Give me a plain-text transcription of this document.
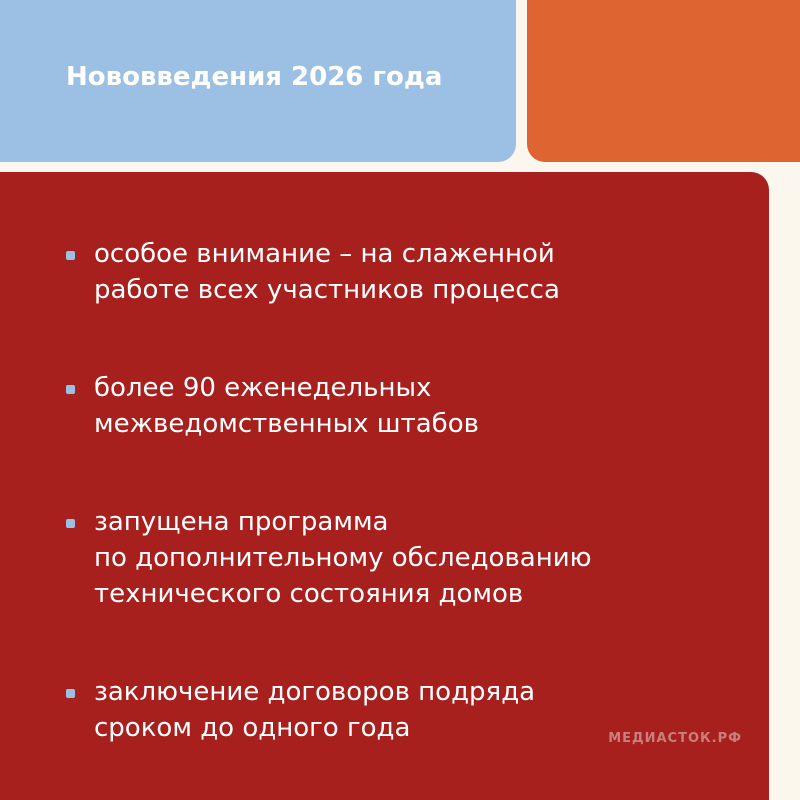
Нововведения 2026 года
особое внимание – на слаженной
работе всех участников процесса
более 90 еженедельных
межведомственных штабов
запущена программа
по дополнительному обследованию
технического состояния домов
заключение договоров подряда
сроком до одного года	МЕДИАСТОК.РФ
